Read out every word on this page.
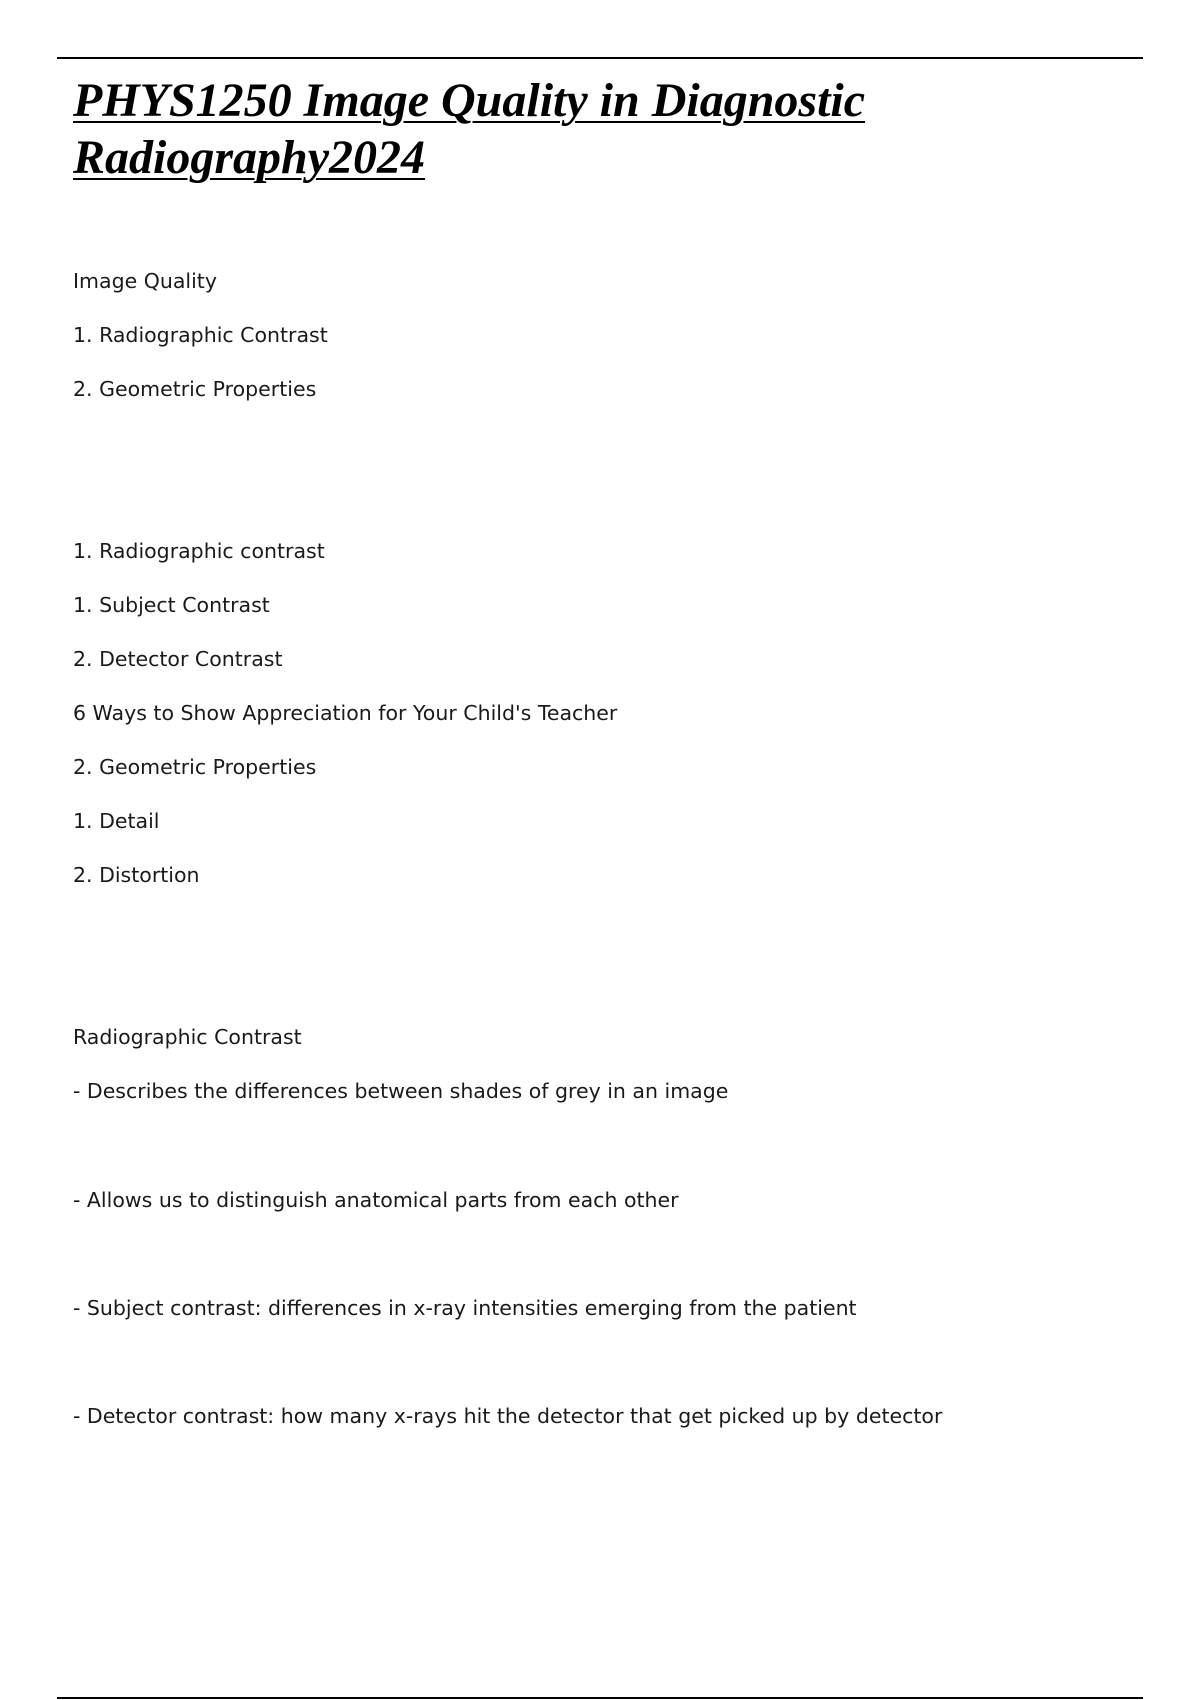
PHYS1250 Image Quality in Diagnostic
Radiography2024

Image Quality

1. Radiographic Contrast

2. Geometric Properties

1. Radiographic contrast

1. Subject Contrast

2. Detector Contrast

6 Ways to Show Appreciation for Your Child's Teacher

2. Geometric Properties

1. Detail

2. Distortion

Radiographic Contrast

- Describes the differences between shades of grey in an image

- Allows us to distinguish anatomical parts from each other

- Subject contrast: differences in x-ray intensities emerging from the patient

- Detector contrast: how many x-rays hit the detector that get picked up by detector
